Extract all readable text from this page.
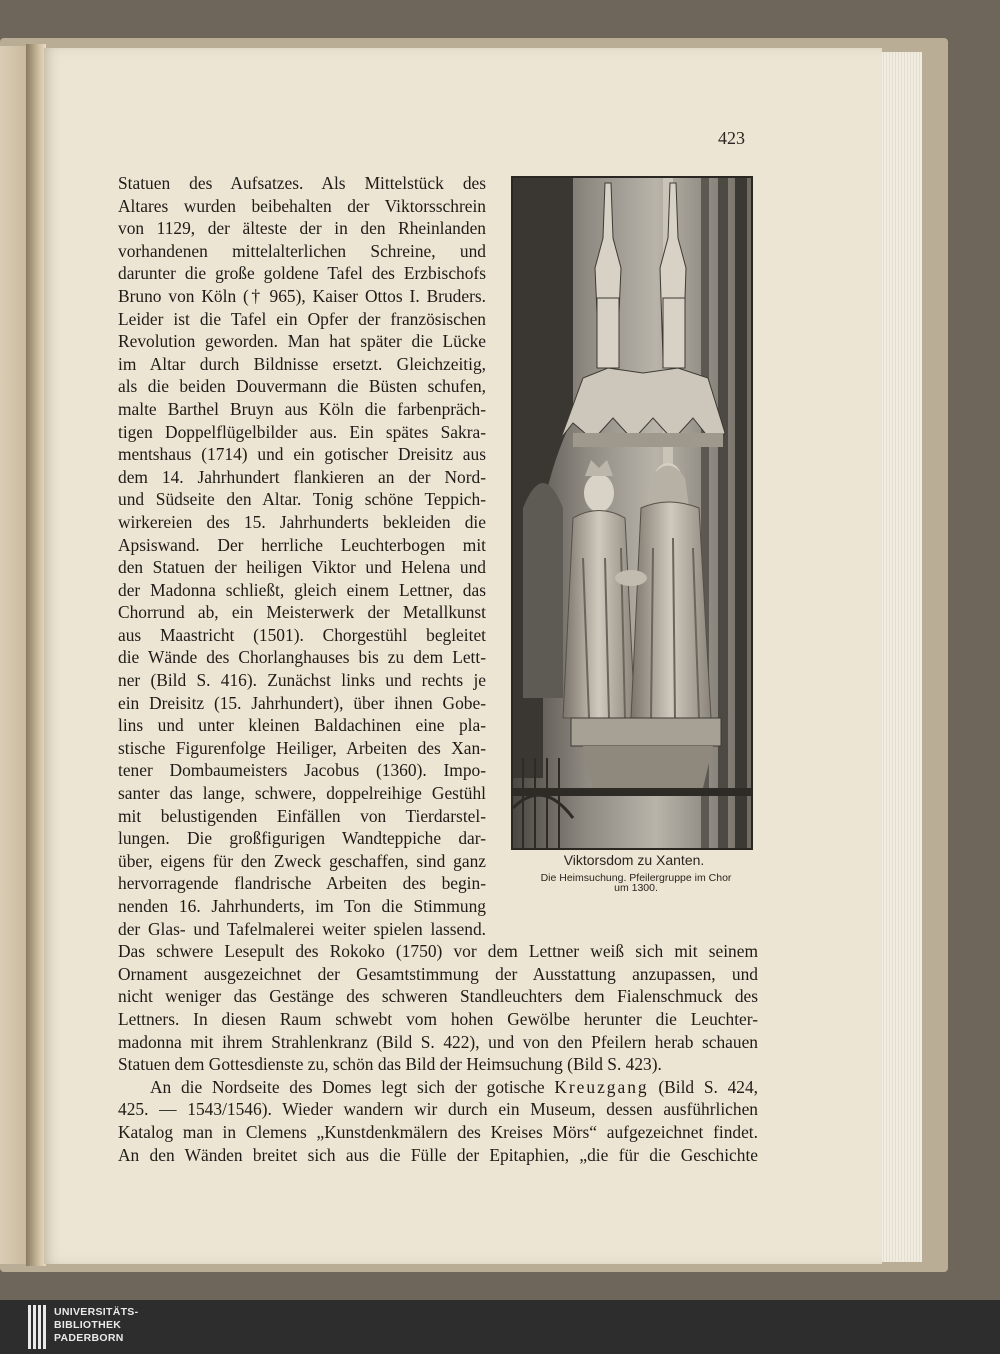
423
Statuen des Aufsatzes. Als Mittelstück des
Altares wurden beibehalten der Viktorsschrein
von 1129, der älteste der in den Rheinlanden
vorhandenen mittelalterlichen Schreine, und
darunter die große goldene Tafel des Erzbischofs
Bruno von Köln († 965), Kaiser Ottos I. Bruders.
Leider ist die Tafel ein Opfer der französischen
Revolution geworden. Man hat später die Lücke
im Altar durch Bildnisse ersetzt. Gleichzeitig,
als die beiden Douvermann die Büsten schufen,
malte Barthel Bruyn aus Köln die farbenpräch-
tigen Doppelflügelbilder aus. Ein spätes Sakra-
mentshaus (1714) und ein gotischer Dreisitz aus
dem 14. Jahrhundert flankieren an der Nord-
und Südseite den Altar. Tonig schöne Teppich-
wirkereien des 15. Jahrhunderts bekleiden die
Apsiswand. Der herrliche Leuchterbogen mit
den Statuen der heiligen Viktor und Helena und
der Madonna schließt, gleich einem Lettner, das
Chorrund ab, ein Meisterwerk der Metallkunst
aus Maastricht (1501). Chorgestühl begleitet
die Wände des Chorlanghauses bis zu dem Lett-
ner (Bild S. 416). Zunächst links und rechts je
ein Dreisitz (15. Jahrhundert), über ihnen Gobe-
lins und unter kleinen Baldachinen eine pla-
stische Figurenfolge Heiliger, Arbeiten des Xan-
tener Dombaumeisters Jacobus (1360). Impo-
santer das lange, schwere, doppelreihige Gestühl
mit belustigenden Einfällen von Tierdarstel-
lungen. Die großfigurigen Wandteppiche dar-
über, eigens für den Zweck geschaffen, sind ganz
hervorragende flandrische Arbeiten des begin-
nenden 16. Jahrhunderts, im Ton die Stimmung
der Glas- und Tafelmalerei weiter spielen lassend.
Das schwere Lesepult des Rokoko (1750) vor dem Lettner weiß sich mit seinem
Ornament ausgezeichnet der Gesamtstimmung der Ausstattung anzupassen, und
nicht weniger das Gestänge des schweren Standleuchters dem Fialenschmuck des
Lettners. In diesen Raum schwebt vom hohen Gewölbe herunter die Leuchter-
madonna mit ihrem Strahlenkranz (Bild S. 422), und von den Pfeilern herab schauen
Statuen dem Gottesdienste zu, schön das Bild der Heimsuchung (Bild S. 423).
An die Nordseite des Domes legt sich der gotische Kreuzgang (Bild S. 424,
425. — 1543/1546). Wieder wandern wir durch ein Museum, dessen ausführlichen
Katalog man in Clemens „Kunstdenkmälern des Kreises Mörs“ aufgezeichnet findet.
An den Wänden breitet sich aus die Fülle der Epitaphien, „die für die Geschichte
Viktorsdom zu Xanten.
Die Heimsuchung. Pfeilergruppe im Chor
um 1300.
UNIVERSITÄTS-
BIBLIOTHEK
PADERBORN
